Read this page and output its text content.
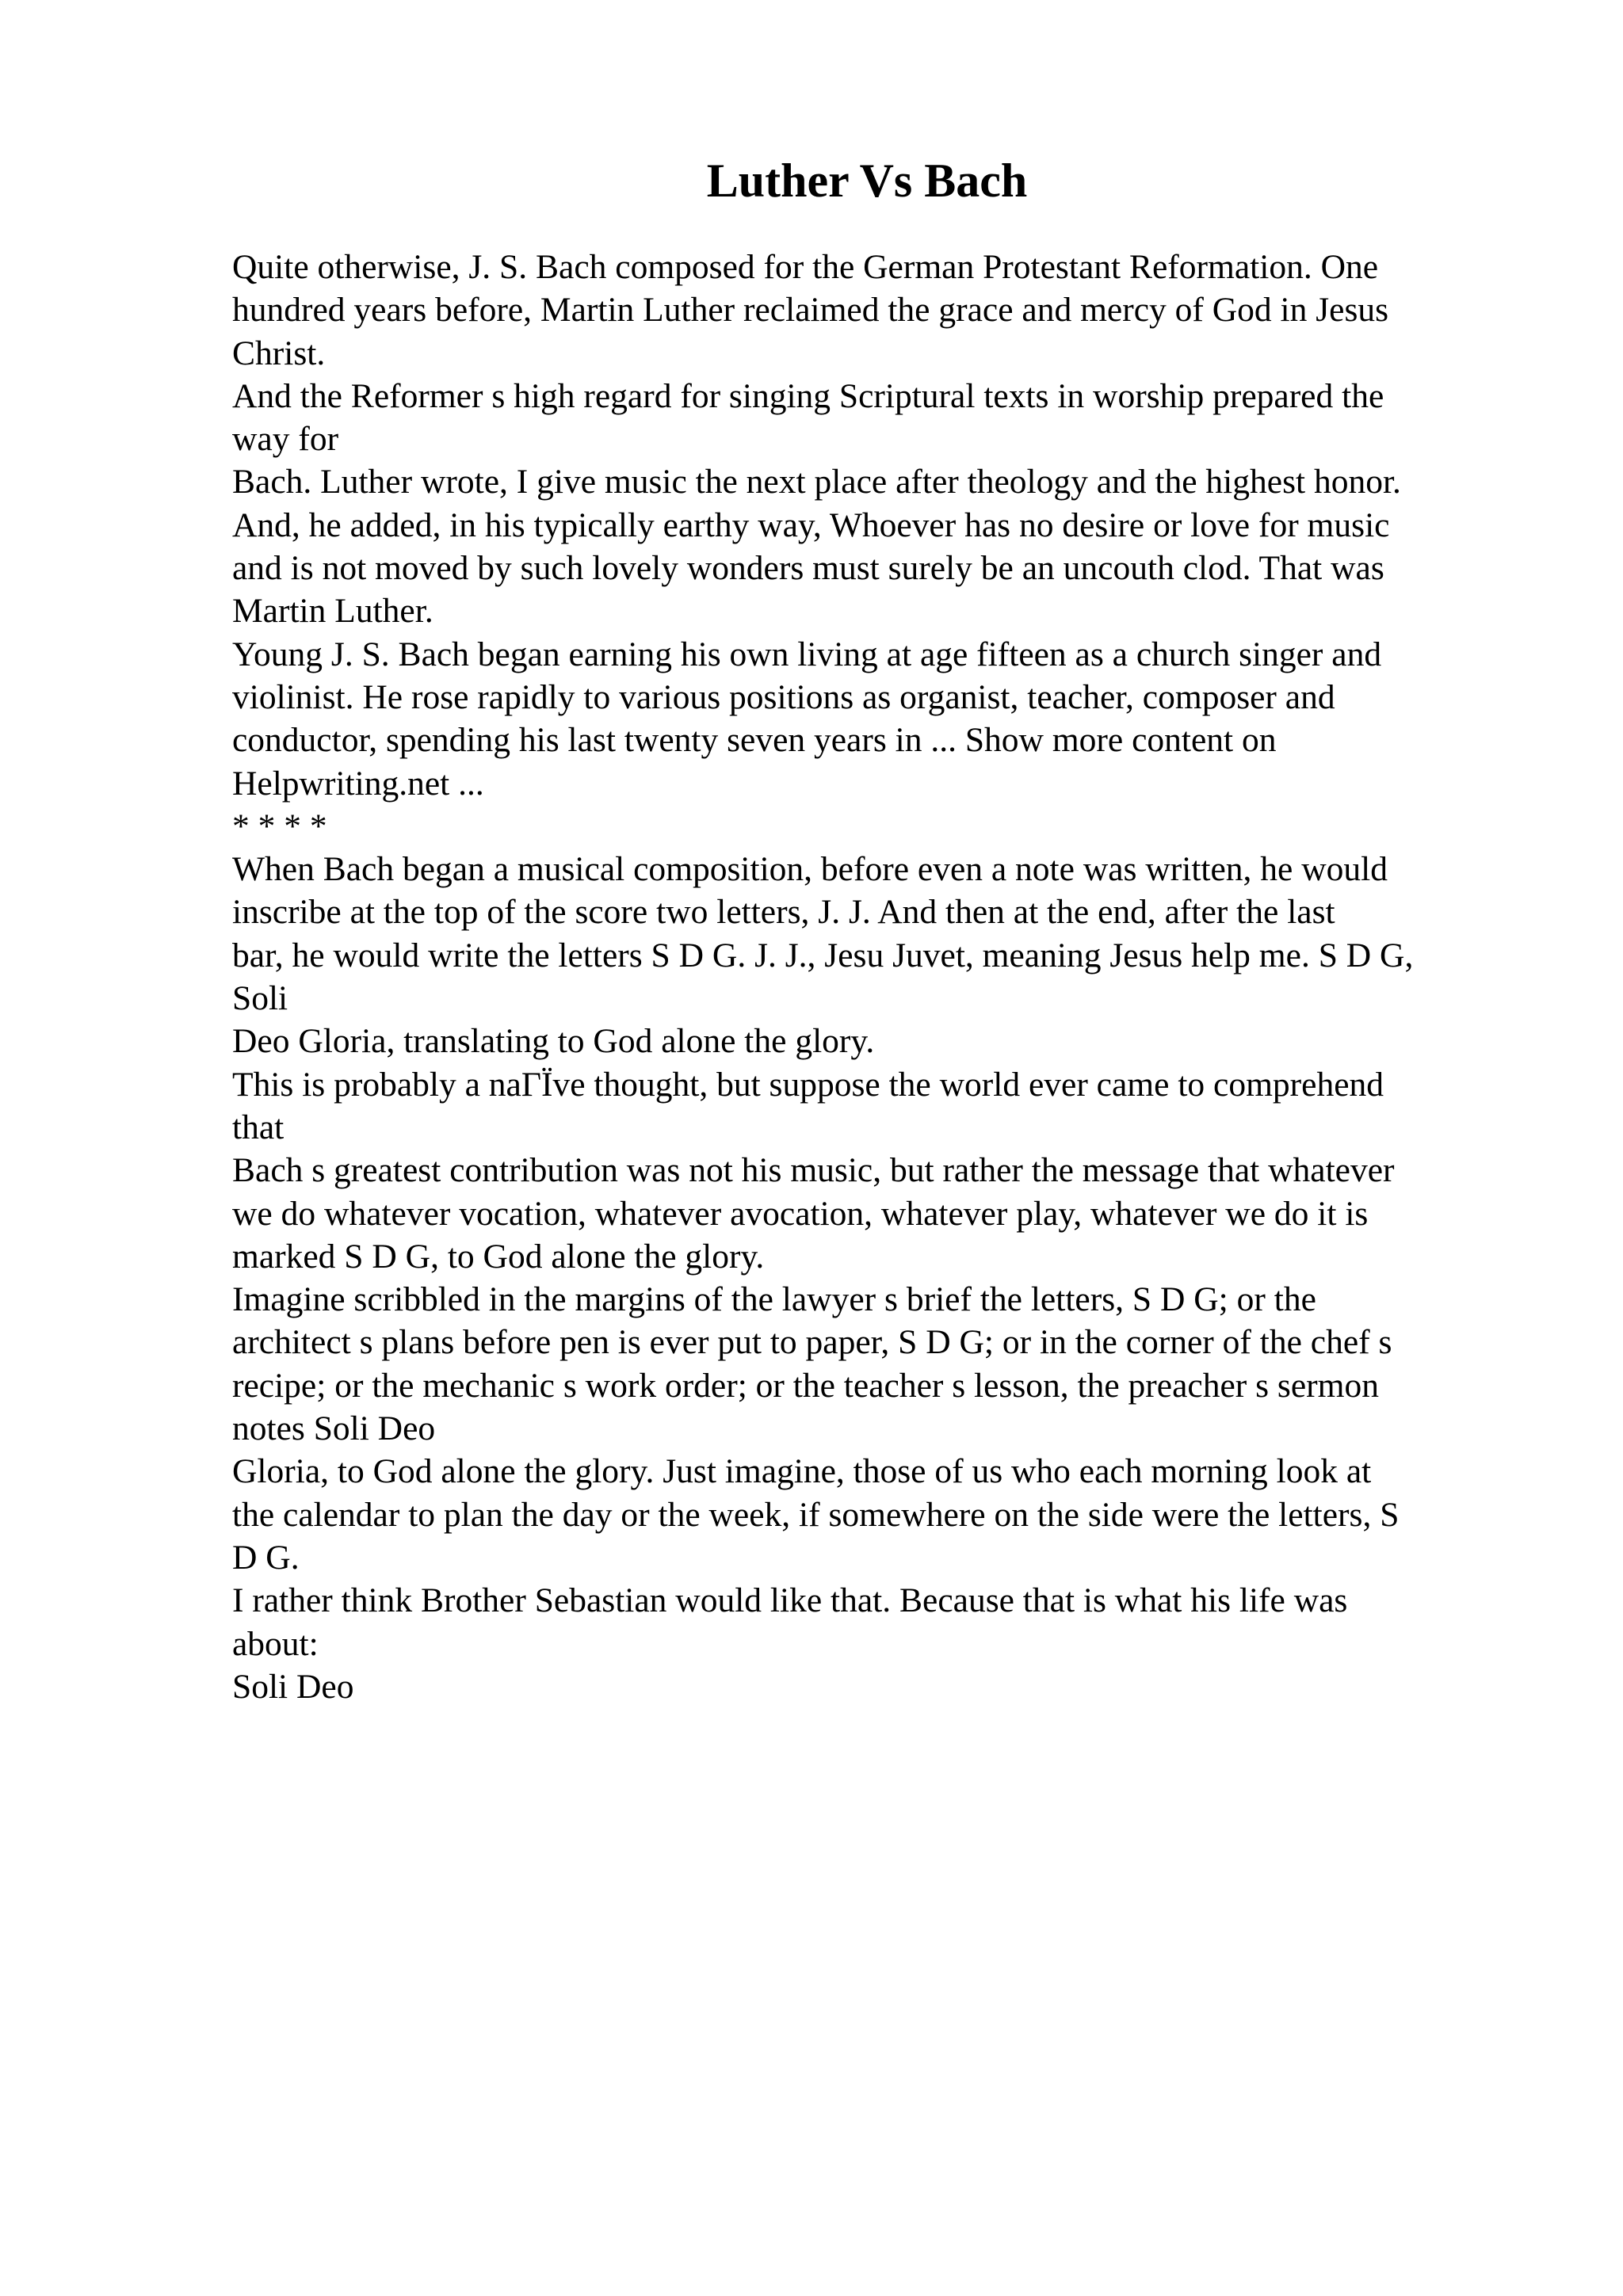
Luther Vs Bach
Quite otherwise, J. S. Bach composed for the German Protestant Reformation. One
hundred years before, Martin Luther reclaimed the grace and mercy of God in Jesus
Christ.
And the Reformer s high regard for singing Scriptural texts in worship prepared the
way for
Bach. Luther wrote, I give music the next place after theology and the highest honor.
And, he added, in his typically earthy way, Whoever has no desire or love for music
and is not moved by such lovely wonders must surely be an uncouth clod. That was
Martin Luther.
Young J. S. Bach began earning his own living at age fifteen as a church singer and
violinist. He rose rapidly to various positions as organist, teacher, composer and
conductor, spending his last twenty seven years in ... Show more content on
Helpwriting.net ...
* * * *
When Bach began a musical composition, before even a note was written, he would
inscribe at the top of the score two letters, J. J. And then at the end, after the last
bar, he would write the letters S D G. J. J., Jesu Juvet, meaning Jesus help me. S D G,
Soli
Deo Gloria, translating to God alone the glory.
This is probably a naΓÏve thought, but suppose the world ever came to comprehend
that
Bach s greatest contribution was not his music, but rather the message that whatever
we do whatever vocation, whatever avocation, whatever play, whatever we do it is
marked S D G, to God alone the glory.
Imagine scribbled in the margins of the lawyer s brief the letters, S D G; or the
architect s plans before pen is ever put to paper, S D G; or in the corner of the chef s
recipe; or the mechanic s work order; or the teacher s lesson, the preacher s sermon
notes Soli Deo
Gloria, to God alone the glory. Just imagine, those of us who each morning look at
the calendar to plan the day or the week, if somewhere on the side were the letters, S
D G.
I rather think Brother Sebastian would like that. Because that is what his life was
about:
Soli Deo
